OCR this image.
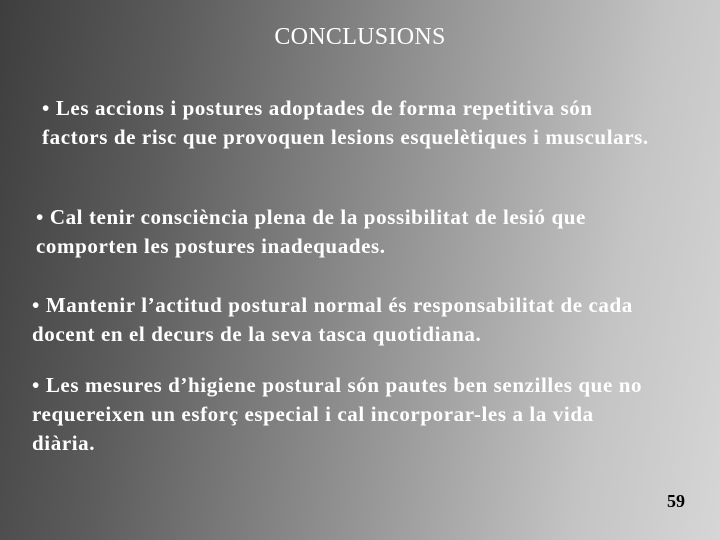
CONCLUSIONS
• Les accions i postures adoptades de forma repetitiva són
factors de risc que provoquen lesions esquelètiques i musculars.
• Cal tenir consciència plena de la possibilitat de lesió que
comporten les postures inadequades.
• Mantenir l’actitud postural normal és responsabilitat de cada
docent en el decurs de la seva tasca quotidiana.
• Les mesures d’higiene postural són pautes ben senzilles que no
requereixen un esforç especial i cal incorporar-les a la vida
diària.
59
